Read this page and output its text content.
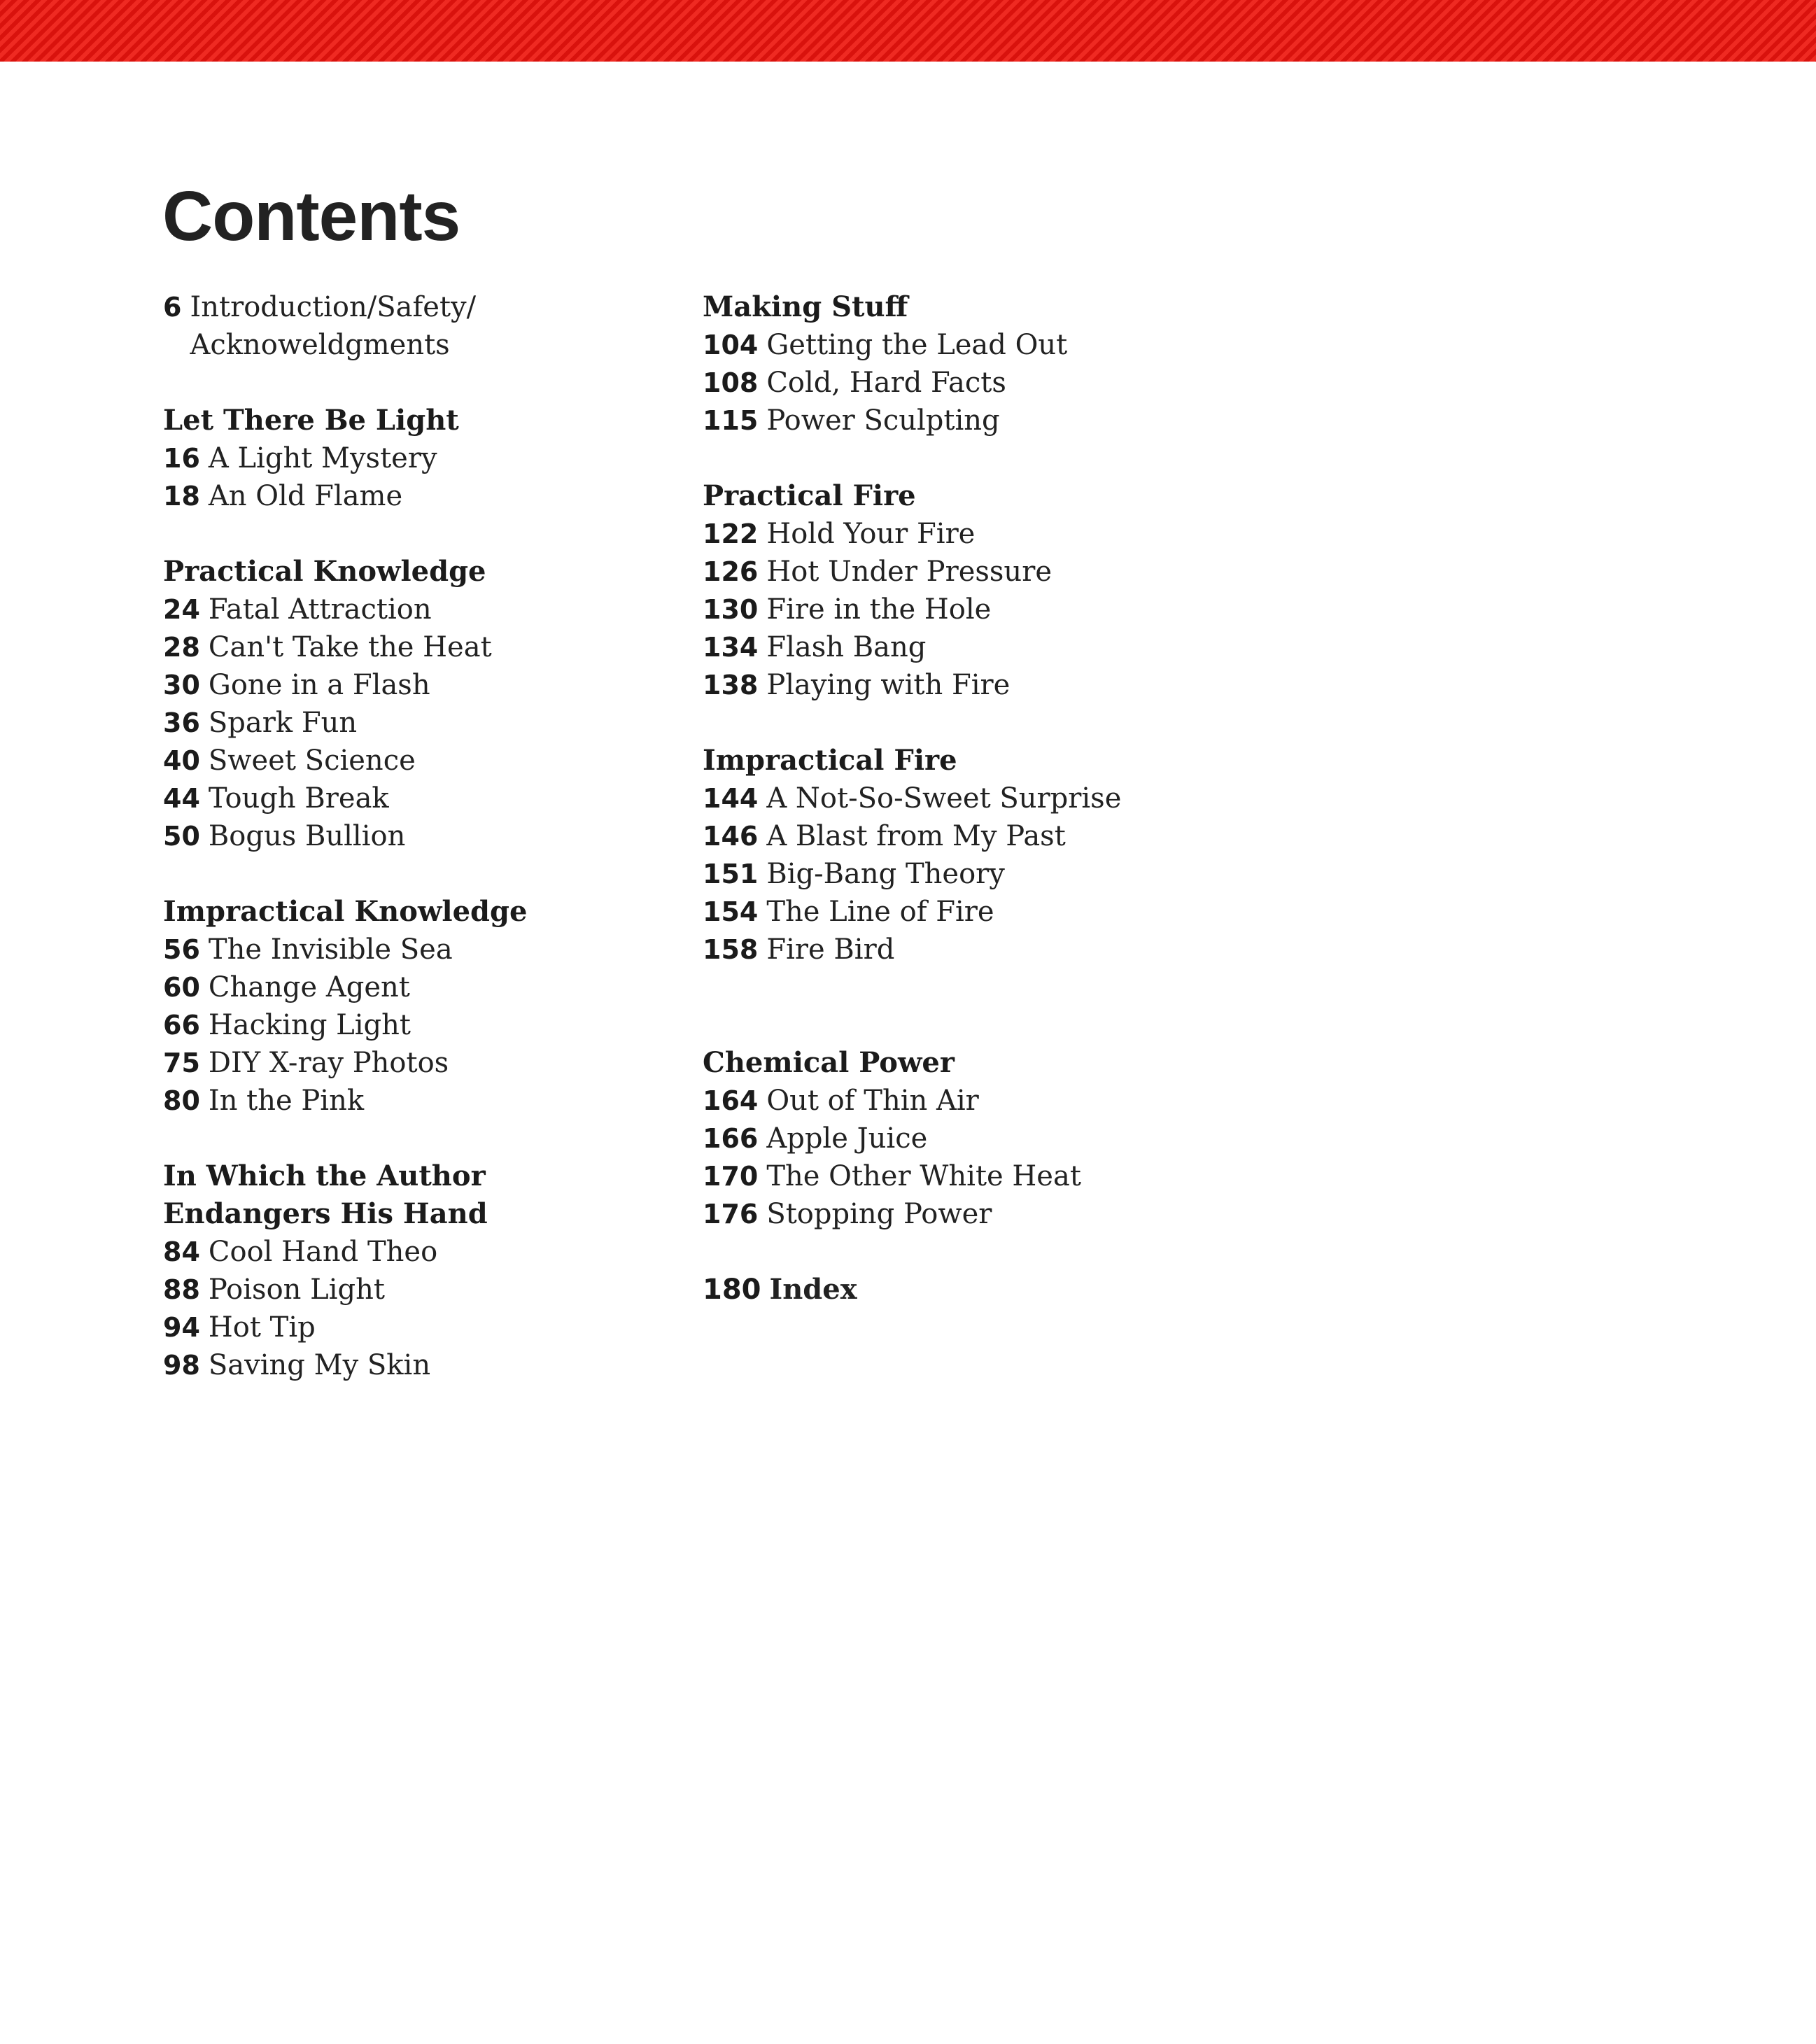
Contents
6 Introduction/Safety/ Acknoweldgments
Let There Be Light
16 A Light Mystery
18 An Old Flame
Practical Knowledge
24 Fatal Attraction
28 Can't Take the Heat
30 Gone in a Flash
36 Spark Fun
40 Sweet Science
44 Tough Break
50 Bogus Bullion
Impractical Knowledge
56 The Invisible Sea
60 Change Agent
66 Hacking Light
75 DIY X-ray Photos
80 In the Pink
In Which the Author Endangers His Hand
84 Cool Hand Theo
88 Poison Light
94 Hot Tip
98 Saving My Skin
Making Stuff
104 Getting the Lead Out
108 Cold, Hard Facts
115 Power Sculpting
Practical Fire
122 Hold Your Fire
126 Hot Under Pressure
130 Fire in the Hole
134 Flash Bang
138 Playing with Fire
Impractical Fire
144 A Not-So-Sweet Surprise
146 A Blast from My Past
151 Big-Bang Theory
154 The Line of Fire
158 Fire Bird
Chemical Power
164 Out of Thin Air
166 Apple Juice
170 The Other White Heat
176 Stopping Power
180 Index
